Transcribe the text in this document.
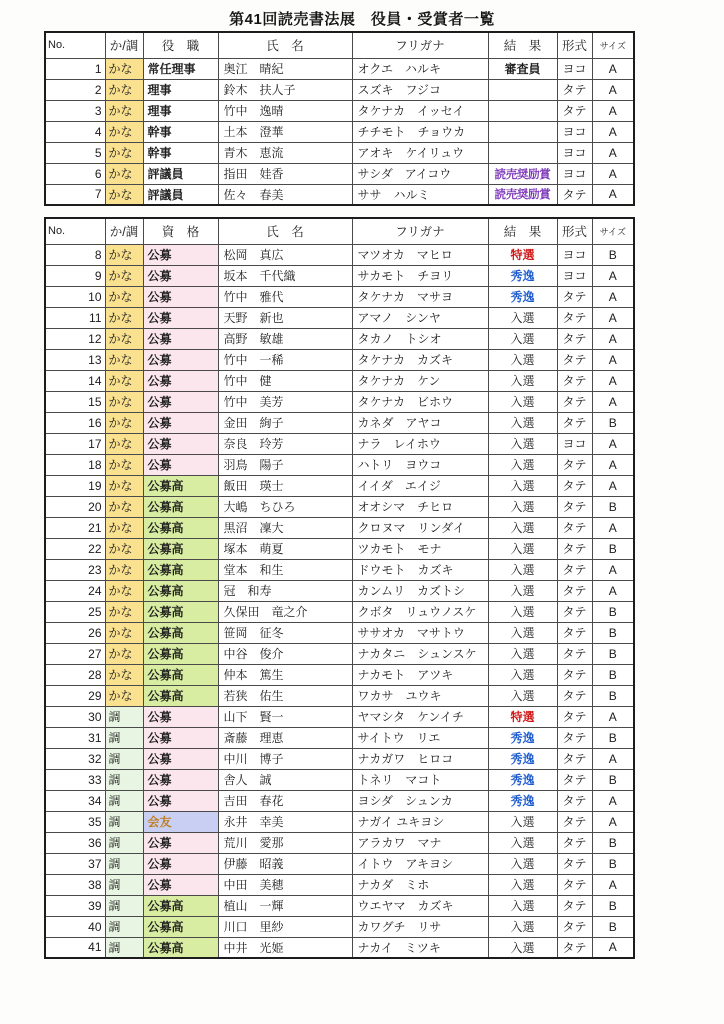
第41回読売書法展　役員・受賞者一覧
No.	か/調	役　職	氏　名	フリガナ	結　果	形式	サイズ
1	かな	常任理事	奥江　晴紀	オクエ　ハルキ	審査員	ヨコ	A
2	かな	理事	鈴木　扶人子	スズキ　フジコ		タテ	A
3	かな	理事	竹中　逸晴	タケナカ　イッセイ		タテ	A
4	かな	幹事	土本　澄華	チチモト　チョウカ		ヨコ	A
5	かな	幹事	青木　恵流	アオキ　ケイリュウ		ヨコ	A
6	かな	評議員	指田　娃香	サシダ　アイコウ	読売奨励賞	ヨコ	A
7	かな	評議員	佐々　春美	ササ　ハルミ	読売奨励賞	タテ	A
No.	か/調	資　格	氏　名	フリガナ	結　果	形式	サイズ
8	かな	公募	松岡　真広	マツオカ　マヒロ	特選	ヨコ	B
9	かな	公募	坂本　千代織	サカモト　チヨリ	秀逸	ヨコ	A
10	かな	公募	竹中　雅代	タケナカ　マサヨ	秀逸	タテ	A
11	かな	公募	天野　新也	アマノ　シンヤ	入選	タテ	A
12	かな	公募	高野　敏雄	タカノ　トシオ	入選	タテ	A
13	かな	公募	竹中　一稀	タケナカ　カズキ	入選	タテ	A
14	かな	公募	竹中　健	タケナカ　ケン	入選	タテ	A
15	かな	公募	竹中　美芳	タケナカ　ビホウ	入選	タテ	A
16	かな	公募	金田　絢子	カネダ　アヤコ	入選	タテ	B
17	かな	公募	奈良　玲芳	ナラ　レイホウ	入選	ヨコ	A
18	かな	公募	羽鳥　陽子	ハトリ　ヨウコ	入選	タテ	A
19	かな	公募高	飯田　瑛士	イイダ　エイジ	入選	タテ	A
20	かな	公募高	大嶋　ちひろ	オオシマ　チヒロ	入選	タテ	B
21	かな	公募高	黒沼　凜大	クロヌマ　リンダイ	入選	タテ	A
22	かな	公募高	塚本　萌夏	ツカモト　モナ	入選	タテ	B
23	かな	公募高	堂本　和生	ドウモト　カズキ	入選	タテ	A
24	かな	公募高	冠　和寿	カンムリ　カズトシ	入選	タテ	A
25	かな	公募高	久保田　竜之介	クボタ　リュウノスケ	入選	タテ	B
26	かな	公募高	笹岡　征冬	ササオカ　マサトウ	入選	タテ	B
27	かな	公募高	中谷　俊介	ナカタニ　シュンスケ	入選	タテ	B
28	かな	公募高	仲本　篤生	ナカモト　アツキ	入選	タテ	B
29	かな	公募高	若狭　佑生	ワカサ　ユウキ	入選	タテ	B
30	調	公募	山下　賢一	ヤマシタ　ケンイチ	特選	タテ	A
31	調	公募	斎藤　理恵	サイトウ　リエ	秀逸	タテ	B
32	調	公募	中川　博子	ナカガワ　ヒロコ	秀逸	タテ	A
33	調	公募	舎人　誠	トネリ　マコト	秀逸	タテ	B
34	調	公募	吉田　春花	ヨシダ　シュンカ	秀逸	タテ	A
35	調	会友	永井　幸美	ナガイ ユキヨシ	入選	タテ	A
36	調	公募	荒川　愛那	アラカワ　マナ	入選	タテ	B
37	調	公募	伊藤　昭義	イトウ　アキヨシ	入選	タテ	B
38	調	公募	中田　美穂	ナカダ　ミホ	入選	タテ	A
39	調	公募高	植山　一輝	ウエヤマ　カズキ	入選	タテ	B
40	調	公募高	川口　里紗	カワグチ　リサ	入選	タテ	B
41	調	公募高	中井　光姫	ナカイ　ミツキ	入選	タテ	A
